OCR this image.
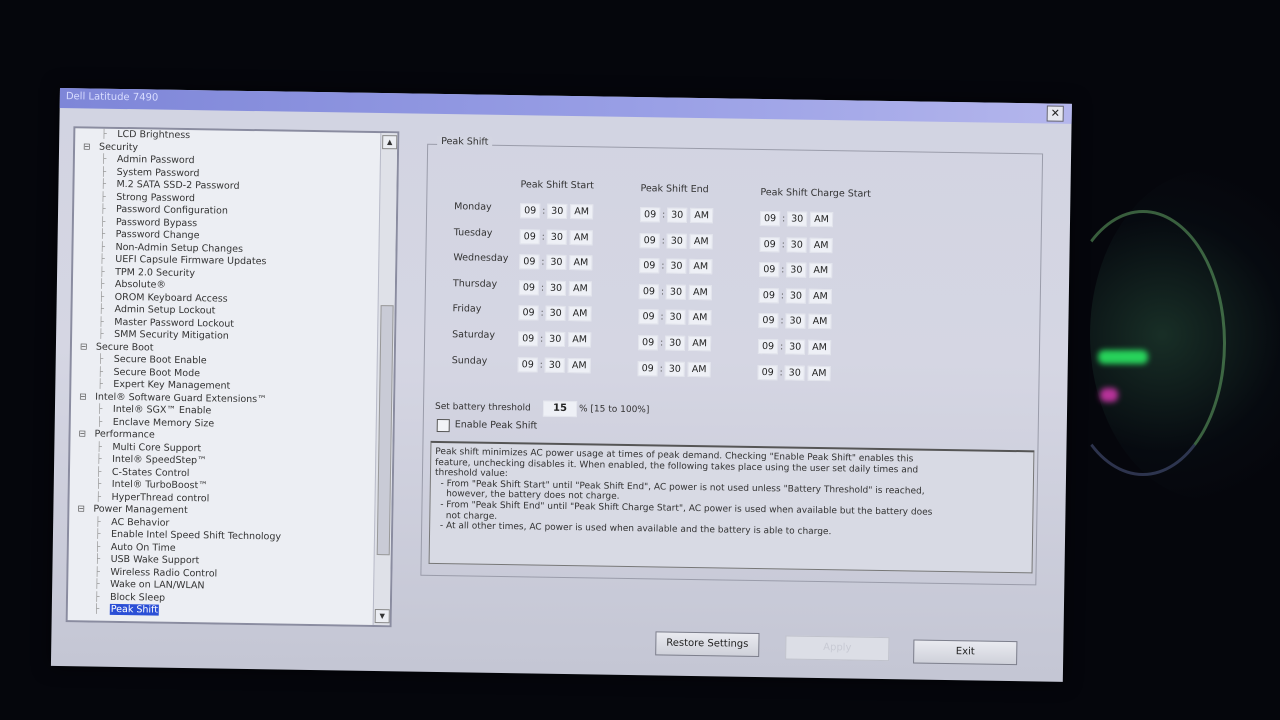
Dell Latitude 7490
✕
├ LCD Brightness
⊟ Security
├ Admin Password
├ System Password
├ M.2 SATA SSD-2 Password
├ Strong Password
├ Password Configuration
├ Password Bypass
├ Password Change
├ Non-Admin Setup Changes
├ UEFI Capsule Firmware Updates
├ TPM 2.0 Security
├ Absolute®
├ OROM Keyboard Access
├ Admin Setup Lockout
├ Master Password Lockout
├ SMM Security Mitigation
⊟ Secure Boot
├ Secure Boot Enable
├ Secure Boot Mode
├ Expert Key Management
⊟ Intel® Software Guard Extensions™
├ Intel® SGX™ Enable
├ Enclave Memory Size
⊟ Performance
├ Multi Core Support
├ Intel® SpeedStep™
├ C-States Control
├ Intel® TurboBoost™
├ HyperThread control
⊟ Power Management
├ AC Behavior
├ Enable Intel Speed Shift Technology
├ Auto On Time
├ USB Wake Support
├ Wireless Radio Control
├ Wake on LAN/WLAN
├ Block Sleep
├ Peak Shift
▲
▼
Peak Shift
Peak Shift Start	Peak Shift End	Peak Shift Charge Start
Monday	09 : 30 AM	09 : 30 AM	09 : 30 AM
Tuesday	09 : 30 AM	09 : 30 AM	09 : 30 AM
Wednesday	09 : 30 AM	09 : 30 AM	09 : 30 AM
Thursday	09 : 30 AM	09 : 30 AM	09 : 30 AM
Friday	09 : 30 AM	09 : 30 AM	09 : 30 AM
Saturday	09 : 30 AM	09 : 30 AM	09 : 30 AM
Sunday	09 : 30 AM	09 : 30 AM	09 : 30 AM
Set battery threshold	15	% [15 to 100%]
Enable Peak Shift
Peak shift minimizes AC power usage at times of peak demand. Checking "Enable Peak Shift" enables this
feature, unchecking disables it. When enabled, the following takes place using the user set daily times and
threshold value:
- From "Peak Shift Start" until "Peak Shift End", AC power is not used unless "Battery Threshold" is reached,
however, the battery does not charge.
- From "Peak Shift End" until "Peak Shift Charge Start", AC power is used when available but the battery does
not charge.
- At all other times, AC power is used when available and the battery is able to charge.
Restore Settings	Apply	Exit
